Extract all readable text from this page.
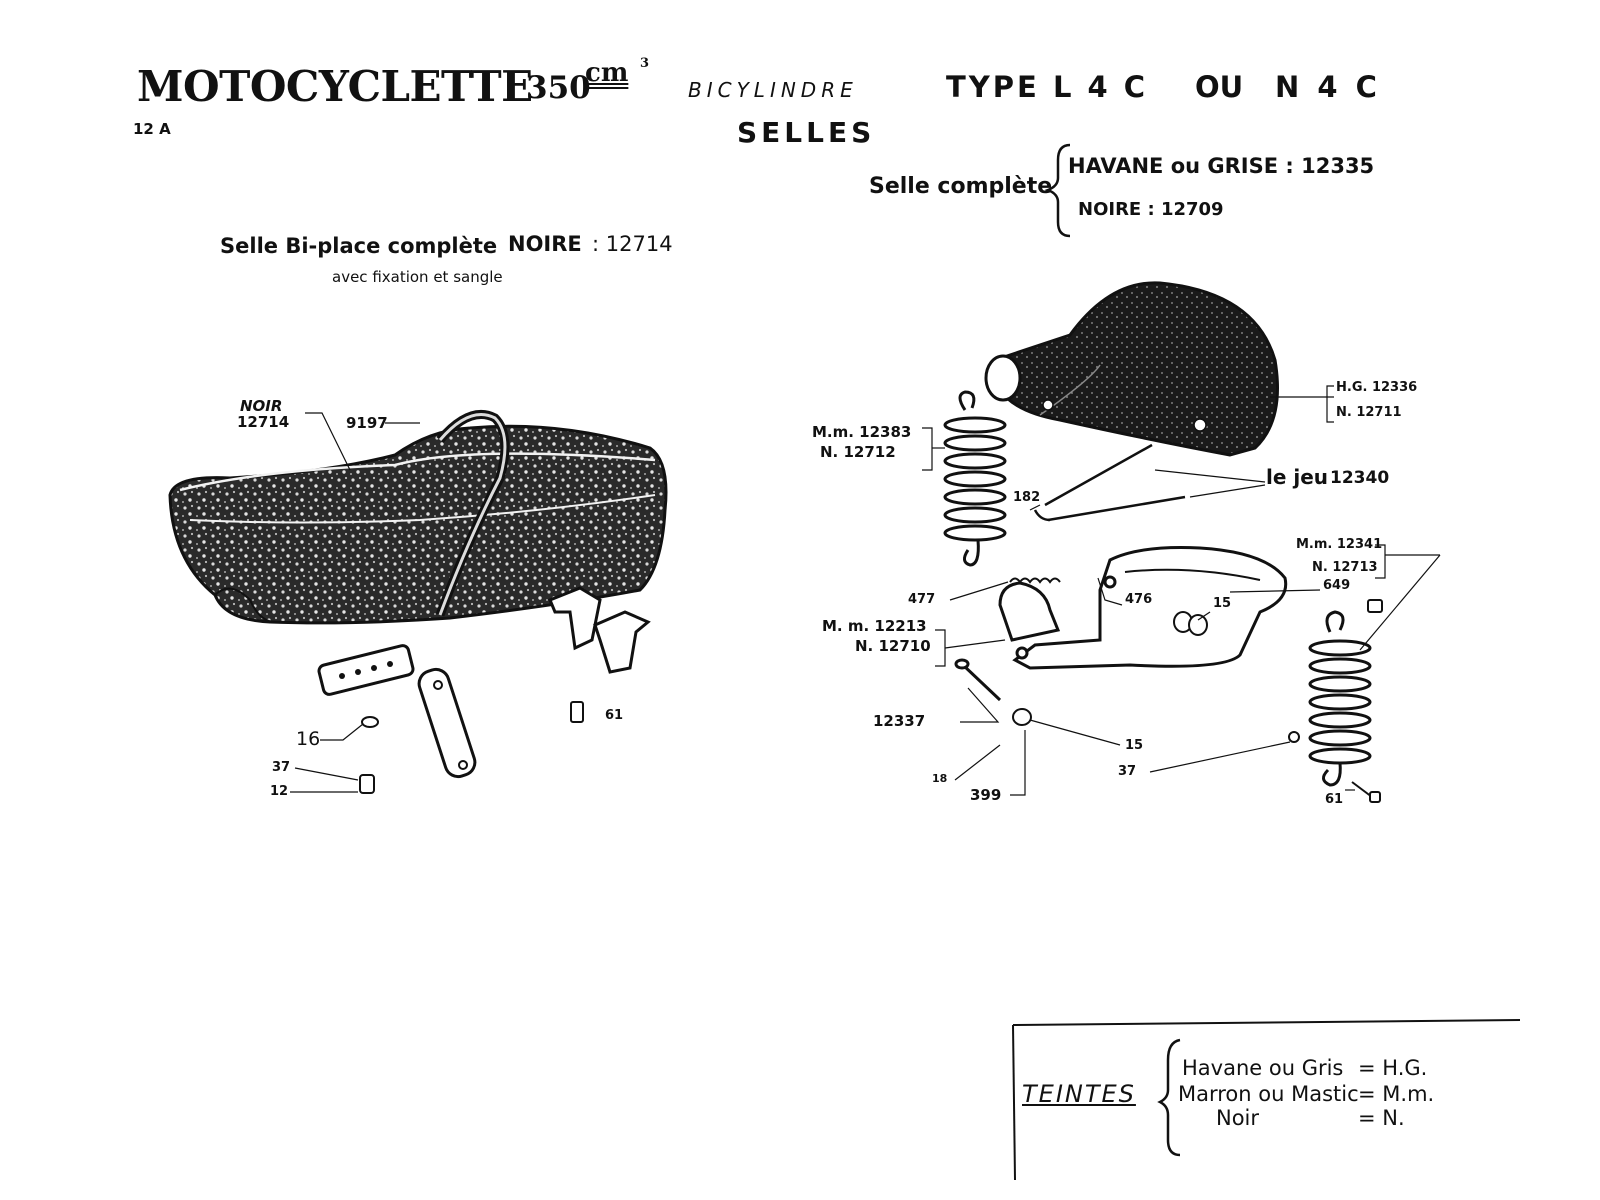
MOTOCYCLETTE
350
cm 3
BICYLINDRE	TYPE L 4 C OU N 4 C
12 A	SELLES
Selle complète
HAVANE ou GRISE : 12335
NOIRE : 12709
Selle Bi-place complète NOIRE : 12714
avec fixation et sangle
NOIR
12714	9197
16
37
12
61
H.G. 12336
N. 12711
M.m. 12383
N. 12712
182
le jeu 12340
M.m. 12341
N. 12713
649
477	476	15
M. m. 12213
N. 12710
12337
15
18
399
37
61
TEINTES
Havane ou Gris = H.G.
Marron ou Mastic = M.m.
Noir	= N.
